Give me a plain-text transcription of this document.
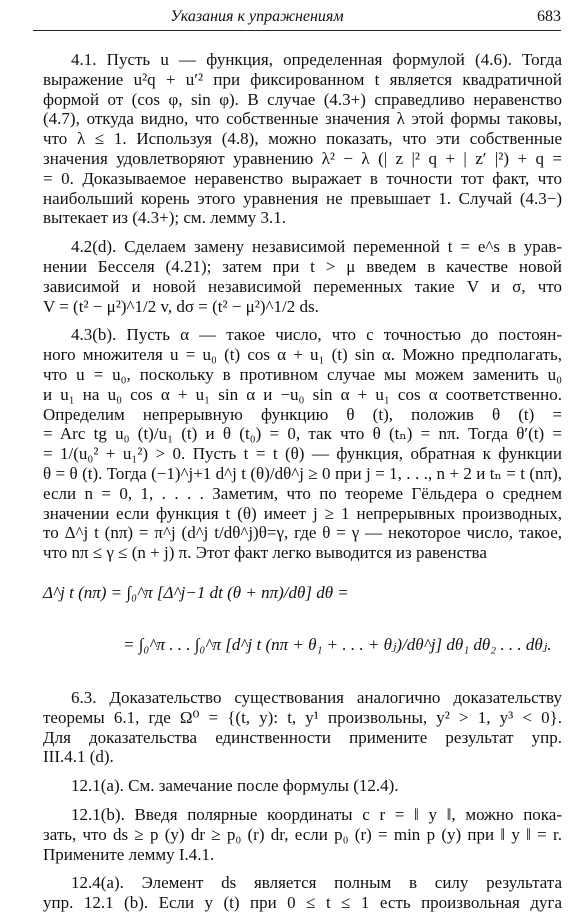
Указания к упражнениям	683
4.1. Пусть u — функция, определенная формулой (4.6). Тогда
выражение u²q + u′² при фиксированном t является квадратичной
формой от (cos φ, sin φ). В случае (4.3+) справедливо неравенство
(4.7), откуда видно, что собственные значения λ этой формы таковы,
что λ ≤ 1. Используя (4.8), можно показать, что эти собственные
значения удовлетворяют уравнению λ² − λ (| z |² q + | z′ |²) + q =
= 0. Доказываемое неравенство выражает в точности тот факт, что
наибольший корень этого уравнения не превышает 1. Случай (4.3−)
вытекает из (4.3+); см. лемму 3.1.
4.2(d). Сделаем замену независимой переменной t = e^s в урав-
нении Бесселя (4.21); затем при t > μ введем в качестве новой
зависимой и новой независимой переменных такие V и σ, что
V = (t² − μ²)^1/2 v, dσ = (t² − μ²)^1/2 ds.
4.3(b). Пусть α — такое число, что с точностью до постоян-
ного множителя u = u₀ (t) cos α + u₁ (t) sin α. Можно предполагать,
что u = u₀, поскольку в противном случае мы можем заменить u₀
и u₁ на u₀ cos α + u₁ sin α и −u₀ sin α + u₁ cos α соответственно.
Определим непрерывную функцию θ (t), положив θ (t) =
= Arc tg u₀ (t)/u₁ (t) и θ (t₀) = 0, так что θ (tₙ) = nπ. Тогда θ′(t) =
= 1/(u₀² + u₁²) > 0. Пусть t = t (θ) — функция, обратная к функции
θ = θ (t). Тогда (−1)^j+1 d^j t (θ)/dθ^j ≥ 0 при j = 1, . . ., n + 2 и tₙ = t (nπ),
если n = 0, 1, . . . . Заметим, что по теореме Гёльдера о среднем
значении если функция t (θ) имеет j ≥ 1 непрерывных производных,
то Δ^j t (nπ) = π^j (d^j t/dθ^j)θ=γ, где θ = γ — некоторое число, такое,
что nπ ≤ γ ≤ (n + j) π. Этот факт легко выводится из равенства
Δ^j t (nπ) = ∫₀^π [Δ^j−1 dt (θ + nπ)/dθ] dθ =
= ∫₀^π . . . ∫₀^π [d^j t (nπ + θ₁ + . . . + θⱼ)/dθ^j] dθ₁ dθ₂ . . . dθⱼ.
6.3. Доказательство существования аналогично доказательству
теоремы 6.1, где Ω⁰ = {(t, y): t, y¹ произвольны, y² > 1, y³ < 0}.
Для доказательства единственности примените результат упр.
III.4.1 (d).
12.1(a). См. замечание после формулы (12.4).
12.1(b). Введя полярные координаты с r = ‖ y ‖, можно пока-
зать, что ds ≥ p (y) dr ≥ p₀ (r) dr, если p₀ (r) = min p (y) при ‖ y ‖ = r.
Примените лемму I.4.1.
12.4(a). Элемент ds является полным в силу результата
упр. 12.1 (b). Если y (t) при 0 ≤ t ≤ 1 есть произвольная дуга
